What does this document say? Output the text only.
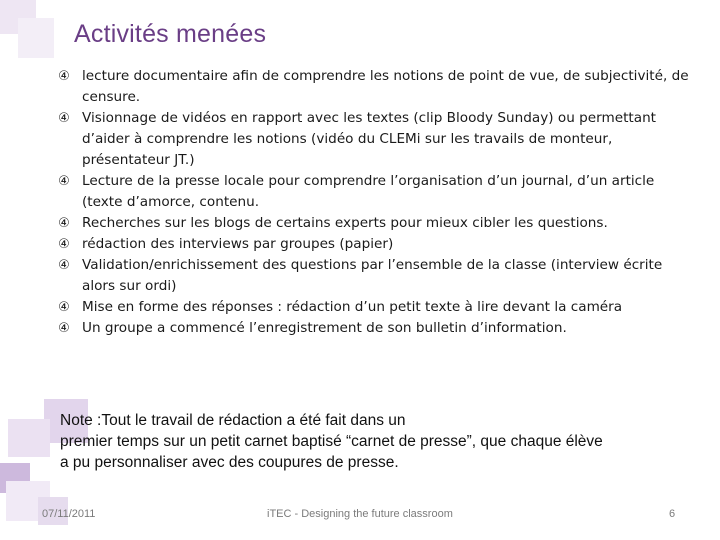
Activités menées
④ lecture documentaire afin de comprendre les notions de point de vue, de subjectivité, de censure.
④ Visionnage de vidéos en rapport avec les textes (clip Bloody Sunday) ou permettant d’aider à comprendre les notions (vidéo du CLEMi sur les travails de monteur, présentateur JT.)
④ Lecture de la presse locale pour comprendre l’organisation d’un journal, d’un article (texte d’amorce, contenu.
④ Recherches sur les blogs de certains experts pour mieux cibler les questions.
④ rédaction des interviews par groupes (papier)
④ Validation/enrichissement des questions par l’ensemble de la classe (interview écrite alors sur ordi)
④ Mise en forme des réponses : rédaction d’un petit texte à lire devant la caméra
④ Un groupe a commencé l’enregistrement de son bulletin d’information.
Note :Tout le travail de rédaction a été fait dans un
premier temps sur un petit carnet baptisé “carnet de presse”, que chaque élève
a pu personnaliser avec des coupures de presse.
07/11/2011	iTEC - Designing the future classroom	6
